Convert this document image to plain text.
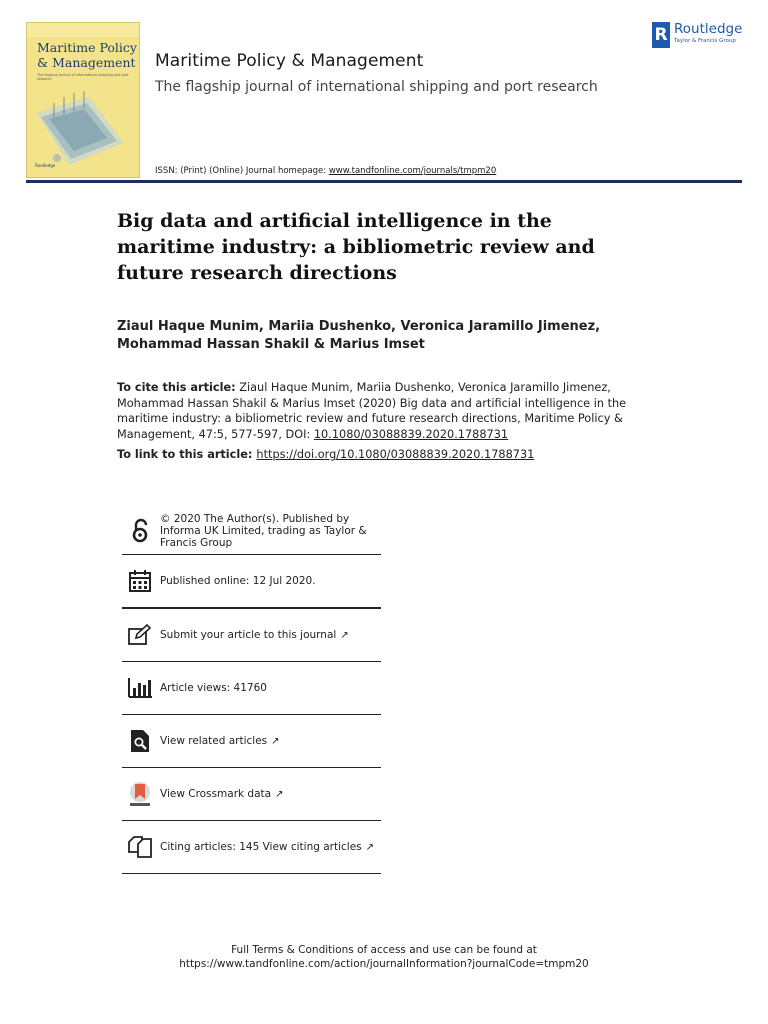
Maritime Policy
& Management
The flagship journal of international shipping and port research
Routledge
Maritime Policy & Management
The flagship journal of international shipping and port research
ISSN: (Print) (Online) Journal homepage: www.tandfonline.com/journals/tmpm20
R Routledge
Taylor & Francis Group
Big data and artificial intelligence in the maritime industry: a bibliometric review and future research directions
Ziaul Haque Munim, Mariia Dushenko, Veronica Jaramillo Jimenez, Mohammad Hassan Shakil & Marius Imset
To cite this article: Ziaul Haque Munim, Mariia Dushenko, Veronica Jaramillo Jimenez, Mohammad Hassan Shakil & Marius Imset (2020) Big data and artificial intelligence in the maritime industry: a bibliometric review and future research directions, Maritime Policy & Management, 47:5, 577-597, DOI: 10.1080/03088839.2020.1788731
To link to this article: https://doi.org/10.1080/03088839.2020.1788731
© 2020 The Author(s). Published by Informa UK Limited, trading as Taylor & Francis Group
Published online: 12 Jul 2020.
Submit your article to this journal ↗
Article views: 41760
View related articles ↗
View Crossmark data ↗
Citing articles: 145 View citing articles ↗
Full Terms & Conditions of access and use can be found at
https://www.tandfonline.com/action/journalInformation?journalCode=tmpm20
